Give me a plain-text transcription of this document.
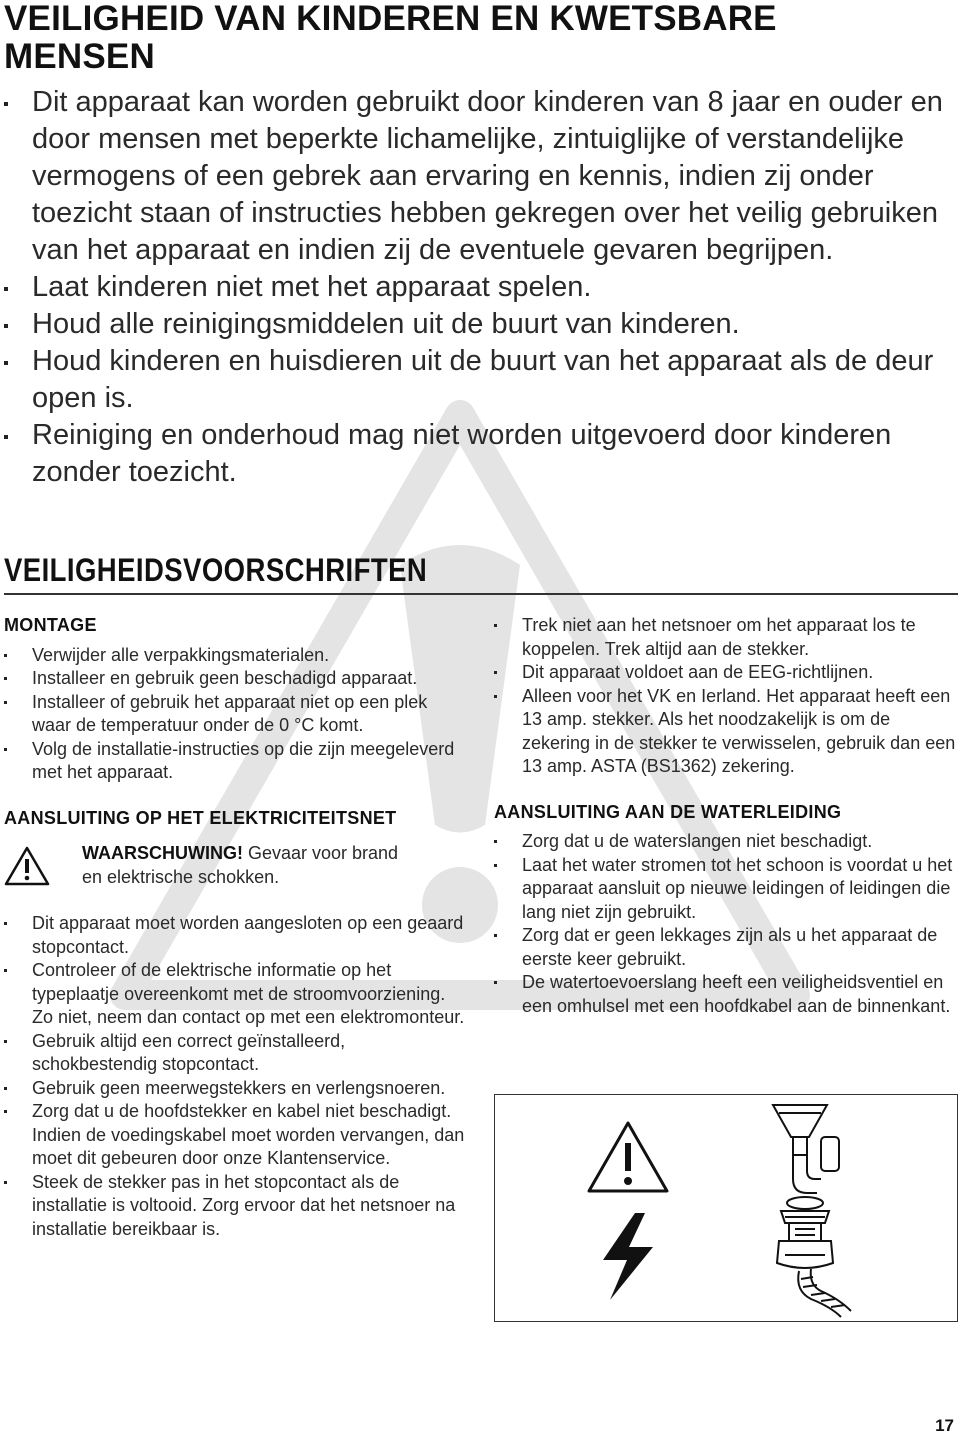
VEILIGHEID VAN KINDEREN EN KWETSBARE
MENSEN
Dit apparaat kan worden gebruikt door kinderen van 8 jaar en ouder en door mensen met beperkte lichamelijke, zintuiglijke of verstandelijke vermogens of een gebrek aan ervaring en kennis, indien zij onder toezicht staan of instructies hebben gekregen over het veilig gebruiken van het apparaat en indien zij de eventuele gevaren begrijpen.
Laat kinderen niet met het apparaat spelen.
Houd alle reinigingsmiddelen uit de buurt van kinderen.
Houd kinderen en huisdieren uit de buurt van het apparaat als de deur open is.
Reiniging en onderhoud mag niet worden uitgevoerd door kinderen zonder toezicht.
VEILIGHEIDSVOORSCHRIFTEN
MONTAGE
Verwijder alle verpakkingsmaterialen.
Installeer en gebruik geen beschadigd apparaat.
Installeer of gebruik het apparaat niet op een plek waar de temperatuur onder de 0 °C komt.
Volg de installatie-instructies op die zijn meegeleverd met het apparaat.
AANSLUITING OP HET ELEKTRICITEITSNET
WAARSCHUWING! Gevaar voor brand en elektrische schokken.
Dit apparaat moet worden aangesloten op een geaard stopcontact.
Controleer of de elektrische informatie op het typeplaatje overeenkomt met de stroomvoorziening. Zo niet, neem dan contact op met een elektromonteur.
Gebruik altijd een correct geïnstalleerd, schokbestendig stopcontact.
Gebruik geen meerwegstekkers en verlengsnoeren.
Zorg dat u de hoofdstekker en kabel niet beschadigt. Indien de voedingskabel moet worden vervangen, dan moet dit gebeuren door onze Klantenservice.
Steek de stekker pas in het stopcontact als de installatie is voltooid. Zorg ervoor dat het netsnoer na installatie bereikbaar is.
Trek niet aan het netsnoer om het apparaat los te koppelen. Trek altijd aan de stekker.
Dit apparaat voldoet aan de EEG-richtlijnen.
Alleen voor het VK en Ierland. Het apparaat heeft een 13 amp. stekker. Als het noodzakelijk is om de zekering in de stekker te verwisselen, gebruik dan een 13 amp. ASTA (BS1362) zekering.
AANSLUITING AAN DE WATERLEIDING
Zorg dat u de waterslangen niet beschadigt.
Laat het water stromen tot het schoon is voordat u het apparaat aansluit op nieuwe leidingen of leidingen die lang niet zijn gebruikt.
Zorg dat er geen lekkages zijn als u het apparaat de eerste keer gebruikt.
De watertoevoerslang heeft een veiligheidsventiel en een omhulsel met een hoofdkabel aan de binnenkant.
17
